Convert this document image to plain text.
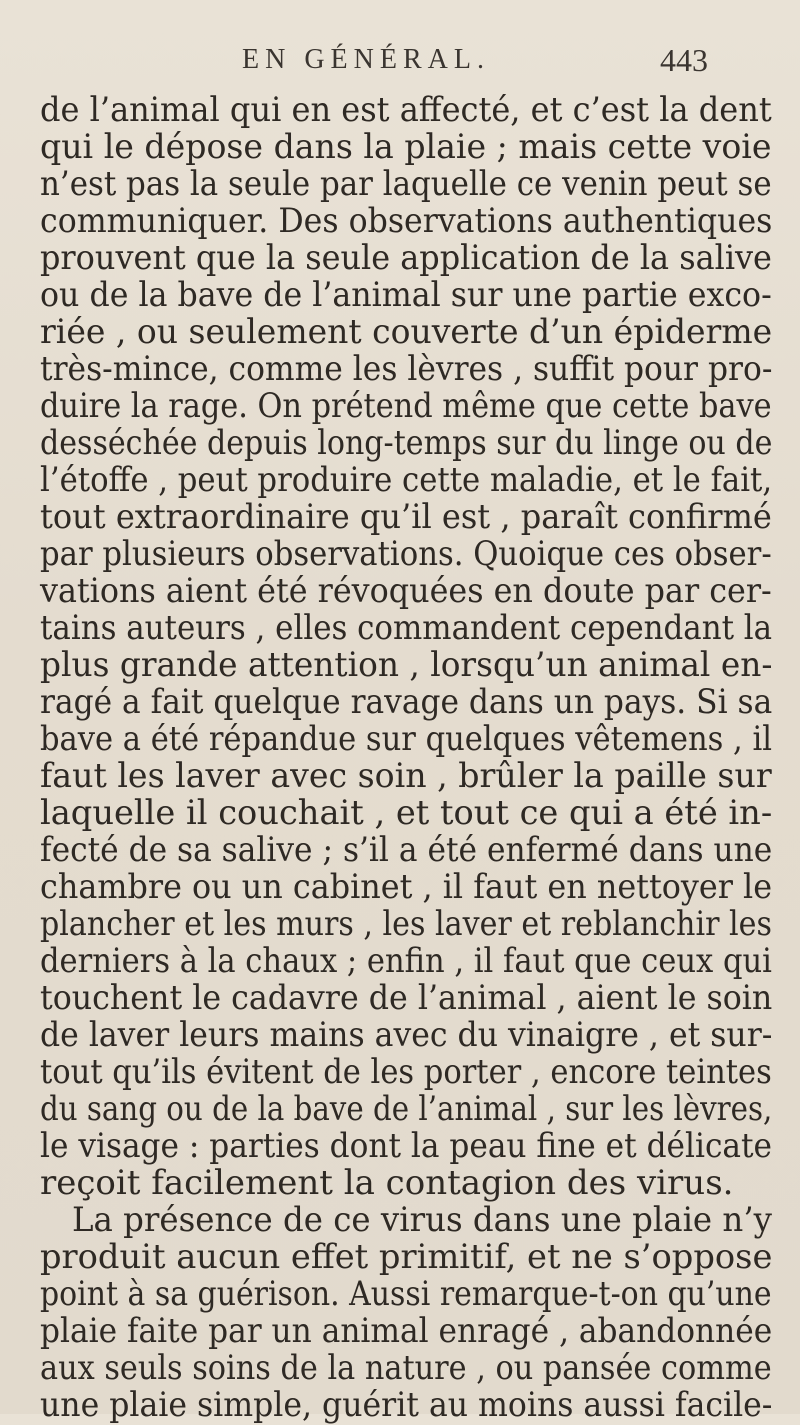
EN GÉNÉRAL.	443
de l’animal qui en est affecté, et c’est la dent
qui le dépose dans la plaie ; mais cette voie
n’est pas la seule par laquelle ce venin peut se
communiquer. Des observations authentiques
prouvent que la seule application de la salive
ou de la bave de l’animal sur une partie exco-
riée , ou seulement couverte d’un épiderme
très-mince, comme les lèvres , suffit pour pro-
duire la rage. On prétend même que cette bave
desséchée depuis long-temps sur du linge ou de
l’étoffe , peut produire cette maladie, et le fait,
tout extraordinaire qu’il est , paraît confirmé
par plusieurs observations. Quoique ces obser-
vations aient été révoquées en doute par cer-
tains auteurs , elles commandent cependant la
plus grande attention , lorsqu’un animal en-
ragé a fait quelque ravage dans un pays. Si sa
bave a été répandue sur quelques vêtemens , il
faut les laver avec soin , brûler la paille sur
laquelle il couchait , et tout ce qui a été in-
fecté de sa salive ; s’il a été enfermé dans une
chambre ou un cabinet , il faut en nettoyer le
plancher et les murs , les laver et reblanchir les
derniers à la chaux ; enfin , il faut que ceux qui
touchent le cadavre de l’animal , aient le soin
de laver leurs mains avec du vinaigre , et sur-
tout qu’ils évitent de les porter , encore teintes
du sang ou de la bave de l’animal , sur les lèvres,
le visage : parties dont la peau fine et délicate
reçoit facilement la contagion des virus.
La présence de ce virus dans une plaie n’y
produit aucun effet primitif, et ne s’oppose
point à sa guérison. Aussi remarque-t-on qu’une
plaie faite par un animal enragé , abandonnée
aux seuls soins de la nature , ou pansée comme
une plaie simple, guérit au moins aussi facile-
